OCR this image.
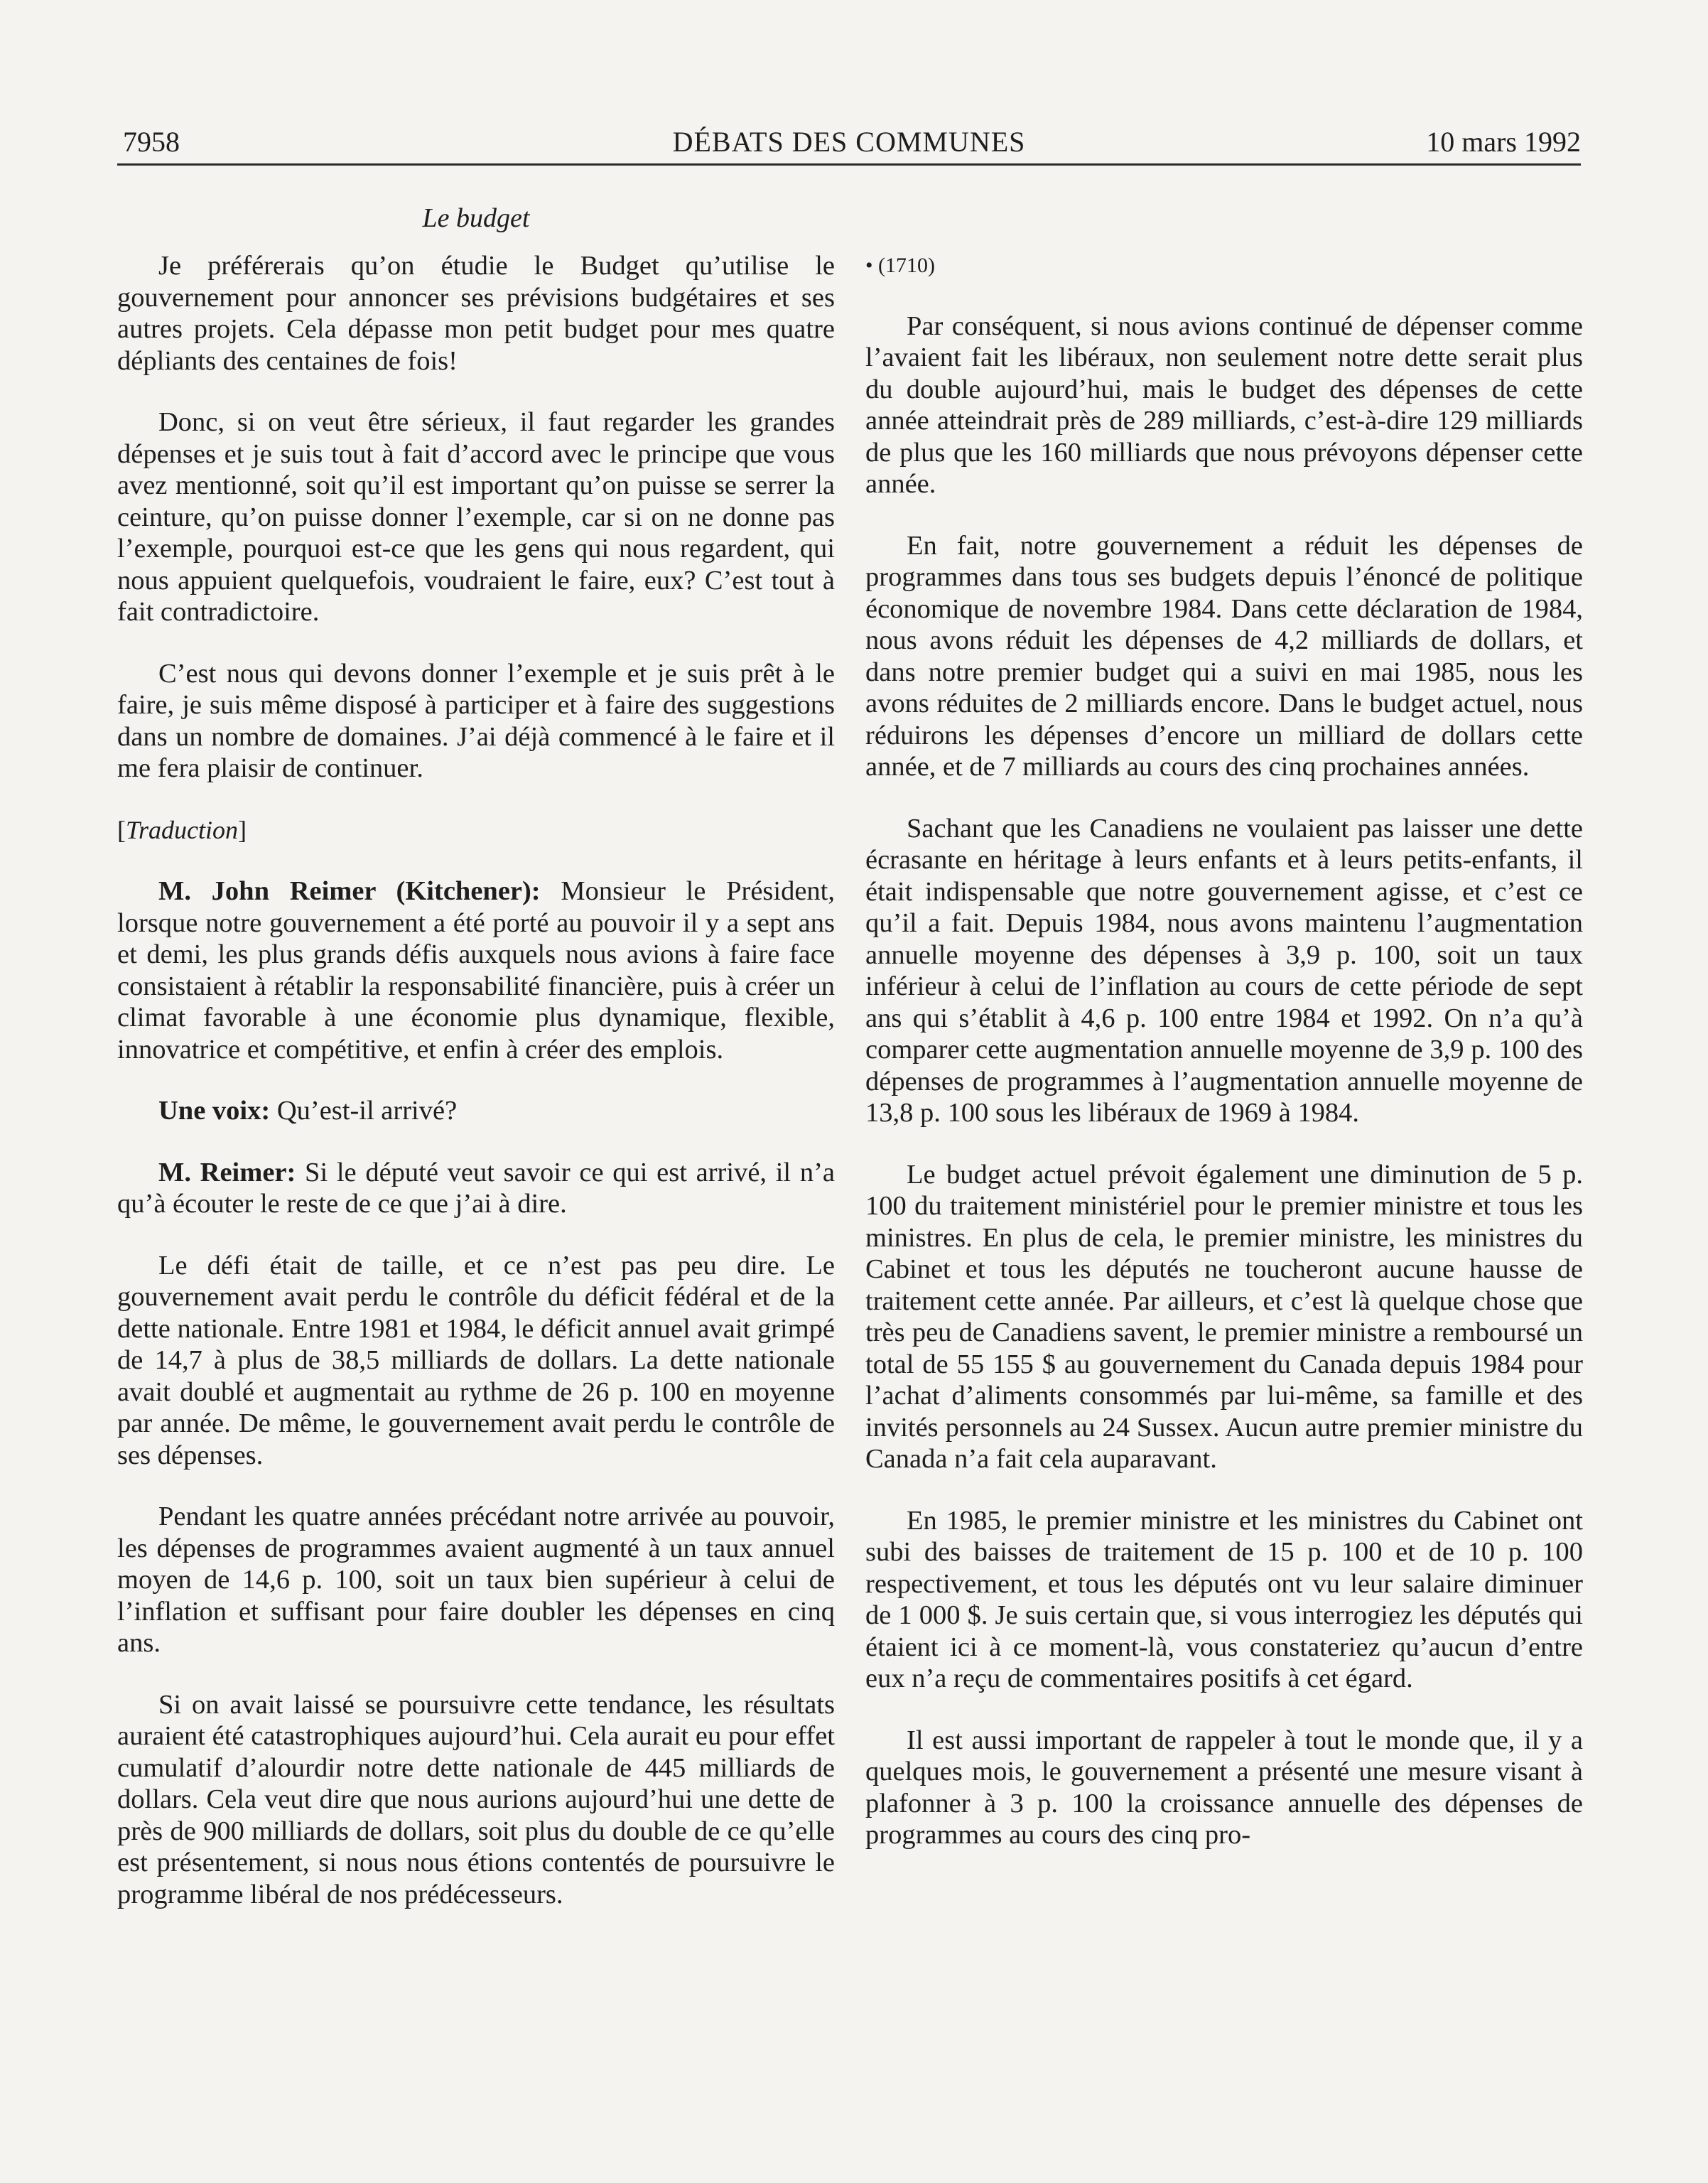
7958	DÉBATS DES COMMUNES	10 mars 1992
Le budget

Je préférerais qu’on étudie le Budget qu’utilise le gouvernement pour annoncer ses prévisions budgétaires et ses autres projets. Cela dépasse mon petit budget pour mes quatre dépliants des centaines de fois!

Donc, si on veut être sérieux, il faut regarder les grandes dépenses et je suis tout à fait d’accord avec le principe que vous avez mentionné, soit qu’il est important qu’on puisse se serrer la ceinture, qu’on puisse donner l’exemple, car si on ne donne pas l’exemple, pourquoi est-ce que les gens qui nous regardent, qui nous appuient quelquefois, voudraient le faire, eux? C’est tout à fait contradictoire.

C’est nous qui devons donner l’exemple et je suis prêt à le faire, je suis même disposé à participer et à faire des suggestions dans un nombre de domaines. J’ai déjà commencé à le faire et il me fera plaisir de continuer.

[Traduction]

M. John Reimer (Kitchener): Monsieur le Président, lorsque notre gouvernement a été porté au pouvoir il y a sept ans et demi, les plus grands défis auxquels nous avions à faire face consistaient à rétablir la responsabilité financière, puis à créer un climat favorable à une économie plus dynamique, flexible, innovatrice et compétitive, et enfin à créer des emplois.

Une voix: Qu’est-il arrivé?

M. Reimer: Si le député veut savoir ce qui est arrivé, il n’a qu’à écouter le reste de ce que j’ai à dire.

Le défi était de taille, et ce n’est pas peu dire. Le gouvernement avait perdu le contrôle du déficit fédéral et de la dette nationale. Entre 1981 et 1984, le déficit annuel avait grimpé de 14,7 à plus de 38,5 milliards de dollars. La dette nationale avait doublé et augmentait au rythme de 26 p. 100 en moyenne par année. De même, le gouvernement avait perdu le contrôle de ses dépenses.

Pendant les quatre années précédant notre arrivée au pouvoir, les dépenses de programmes avaient augmenté à un taux annuel moyen de 14,6 p. 100, soit un taux bien supérieur à celui de l’inflation et suffisant pour faire doubler les dépenses en cinq ans.

Si on avait laissé se poursuivre cette tendance, les résultats auraient été catastrophiques aujourd’hui. Cela aurait eu pour effet cumulatif d’alourdir notre dette nationale de 445 milliards de dollars. Cela veut dire que nous aurions aujourd’hui une dette de près de 900 milliards de dollars, soit plus du double de ce qu’elle est présentement, si nous nous étions contentés de poursuivre le programme libéral de nos prédécesseurs.

• (1710)

Par conséquent, si nous avions continué de dépenser comme l’avaient fait les libéraux, non seulement notre dette serait plus du double aujourd’hui, mais le budget des dépenses de cette année atteindrait près de 289 milliards, c’est-à-dire 129 milliards de plus que les 160 milliards que nous prévoyons dépenser cette année.

En fait, notre gouvernement a réduit les dépenses de programmes dans tous ses budgets depuis l’énoncé de politique économique de novembre 1984. Dans cette déclaration de 1984, nous avons réduit les dépenses de 4,2 milliards de dollars, et dans notre premier budget qui a suivi en mai 1985, nous les avons réduites de 2 milliards encore. Dans le budget actuel, nous réduirons les dépenses d’encore un milliard de dollars cette année, et de 7 milliards au cours des cinq prochaines années.

Sachant que les Canadiens ne voulaient pas laisser une dette écrasante en héritage à leurs enfants et à leurs petits-enfants, il était indispensable que notre gouvernement agisse, et c’est ce qu’il a fait. Depuis 1984, nous avons maintenu l’augmentation annuelle moyenne des dépenses à 3,9 p. 100, soit un taux inférieur à celui de l’inflation au cours de cette période de sept ans qui s’établit à 4,6 p. 100 entre 1984 et 1992. On n’a qu’à comparer cette augmentation annuelle moyenne de 3,9 p. 100 des dépenses de programmes à l’augmentation annuelle moyenne de 13,8 p. 100 sous les libéraux de 1969 à 1984.

Le budget actuel prévoit également une diminution de 5 p. 100 du traitement ministériel pour le premier ministre et tous les ministres. En plus de cela, le premier ministre, les ministres du Cabinet et tous les députés ne toucheront aucune hausse de traitement cette année. Par ailleurs, et c’est là quelque chose que très peu de Canadiens savent, le premier ministre a remboursé un total de 55 155 $ au gouvernement du Canada depuis 1984 pour l’achat d’aliments consommés par lui-même, sa famille et des invités personnels au 24 Sussex. Aucun autre premier ministre du Canada n’a fait cela auparavant.

En 1985, le premier ministre et les ministres du Cabinet ont subi des baisses de traitement de 15 p. 100 et de 10 p. 100 respectivement, et tous les députés ont vu leur salaire diminuer de 1 000 $. Je suis certain que, si vous interrogiez les députés qui étaient ici à ce moment-là, vous constateriez qu’aucun d’entre eux n’a reçu de commentaires positifs à cet égard.

Il est aussi important de rappeler à tout le monde que, il y a quelques mois, le gouvernement a présenté une mesure visant à plafonner à 3 p. 100 la croissance annuelle des dépenses de programmes au cours des cinq pro-
